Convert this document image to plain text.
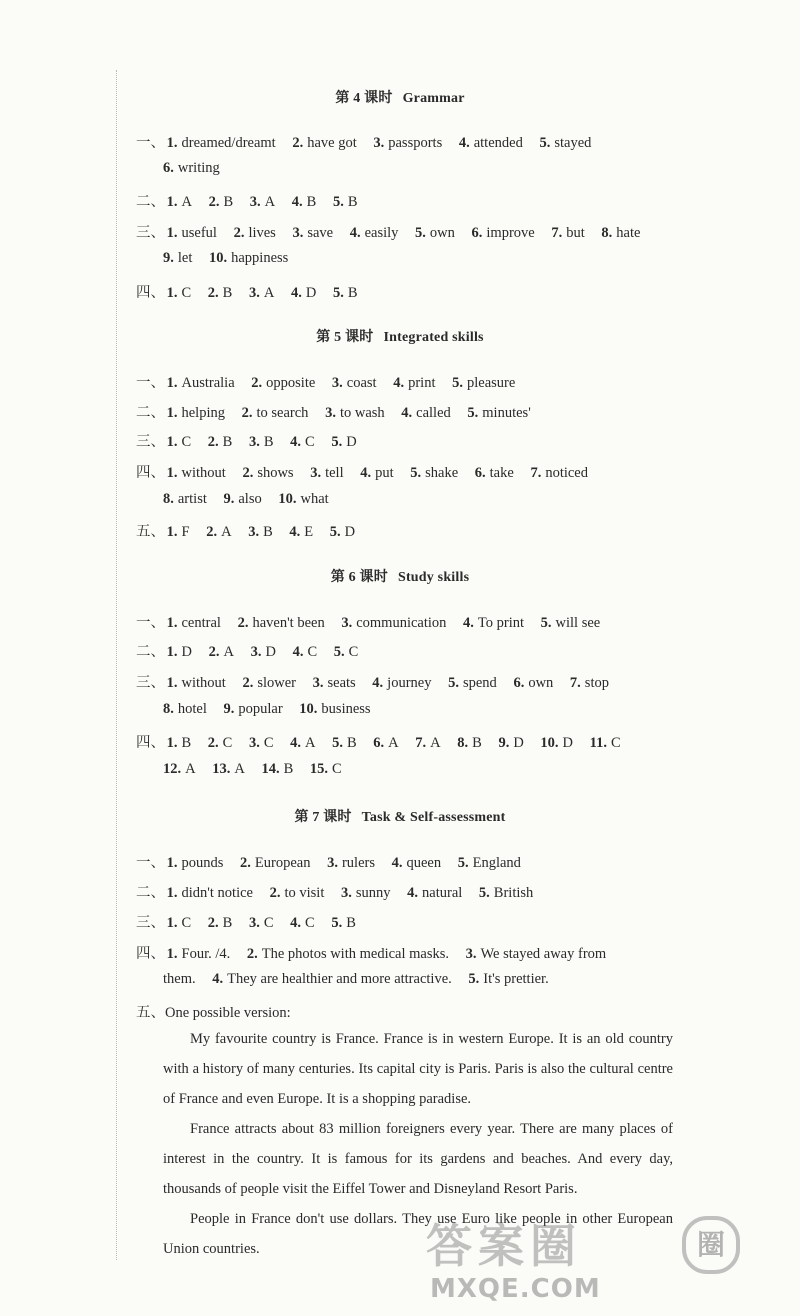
第 4 课时 Grammar
一、 1. dreamed/dreamt 2. have got 3. passports 4. attended 5. stayed
6. writing
二、 1. A 2. B 3. A 4. B 5. B
三、 1. useful 2. lives 3. save 4. easily 5. own 6. improve 7. but 8. hate
9. let 10. happiness
四、 1. C 2. B 3. A 4. D 5. B
第 5 课时 Integrated skills
一、 1. Australia 2. opposite 3. coast 4. print 5. pleasure
二、 1. helping 2. to search 3. to wash 4. called 5. minutes'
三、 1. C 2. B 3. B 4. C 5. D
四、 1. without 2. shows 3. tell 4. put 5. shake 6. take 7. noticed
8. artist 9. also 10. what
五、 1. F 2. A 3. B 4. E 5. D
第 6 课时 Study skills
一、 1. central 2. haven't been 3. communication 4. To print 5. will see
二、 1. D 2. A 3. D 4. C 5. C
三、 1. without 2. slower 3. seats 4. journey 5. spend 6. own 7. stop
8. hotel 9. popular 10. business
四、 1. B 2. C 3. C 4. A 5. B 6. A 7. A 8. B 9. D 10. D 11. C
12. A 13. A 14. B 15. C
第 7 课时 Task & Self-assessment
一、 1. pounds 2. European 3. rulers 4. queen 5. England
二、 1. didn't notice 2. to visit 3. sunny 4. natural 5. British
三、 1. C 2. B 3. C 4. C 5. B
四、 1. Four. /4. 2. The photos with medical masks. 3. We stayed away from
them. 4. They are healthier and more attractive. 5. It's prettier.
五、One possible version:
My favourite country is France. France is in western Europe. It is an old country with a history of many centuries. Its capital city is Paris. Paris is also the cultural centre of France and even Europe. It is a shopping paradise.
France attracts about 83 million foreigners every year. There are many places of interest in the country. It is famous for its gardens and beaches. And every day, thousands of people visit the Eiffel Tower and Disneyland Resort Paris.
People in France don't use dollars. They use Euro like people in other European Union countries.	答案圈	圈
MXQE.COM
